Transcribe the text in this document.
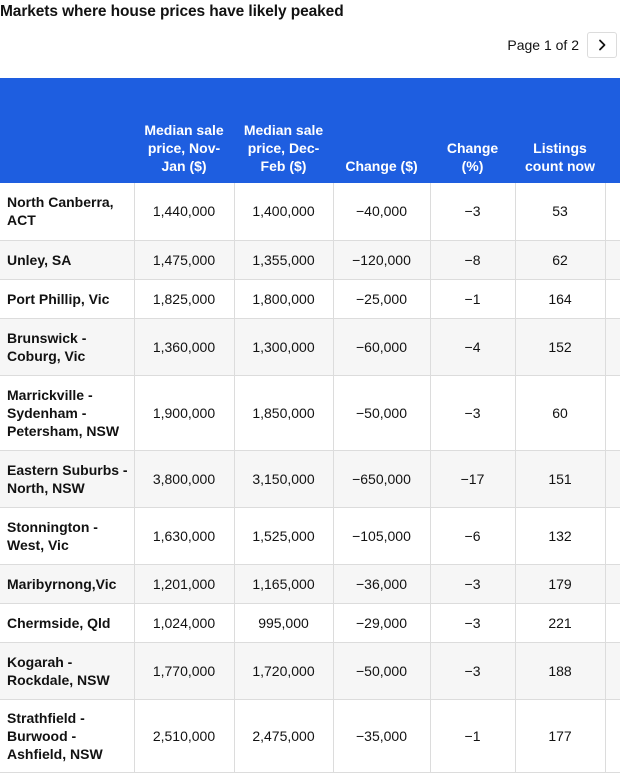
Markets where house prices have likely peaked
Page 1 of 2
	Median sale price, Nov-Jan ($)	Median sale price, Dec-Feb ($)	Change ($)	Change (%)	Listings count now	
North Canberra, ACT	1,440,000	1,400,000	−40,000	−3	53	
Unley, SA	1,475,000	1,355,000	−120,000	−8	62	
Port Phillip, Vic	1,825,000	1,800,000	−25,000	−1	164	
Brunswick - Coburg, Vic	1,360,000	1,300,000	−60,000	−4	152	
Marrickville - Sydenham - Petersham, NSW	1,900,000	1,850,000	−50,000	−3	60	
Eastern Suburbs - North, NSW	3,800,000	3,150,000	−650,000	−17	151	
Stonnington - West, Vic	1,630,000	1,525,000	−105,000	−6	132	
Maribyrnong,Vic	1,201,000	1,165,000	−36,000	−3	179	
Chermside, Qld	1,024,000	995,000	−29,000	−3	221	
Kogarah - Rockdale, NSW	1,770,000	1,720,000	−50,000	−3	188	
Strathfield - Burwood - Ashfield, NSW	2,510,000	2,475,000	−35,000	−1	177	
